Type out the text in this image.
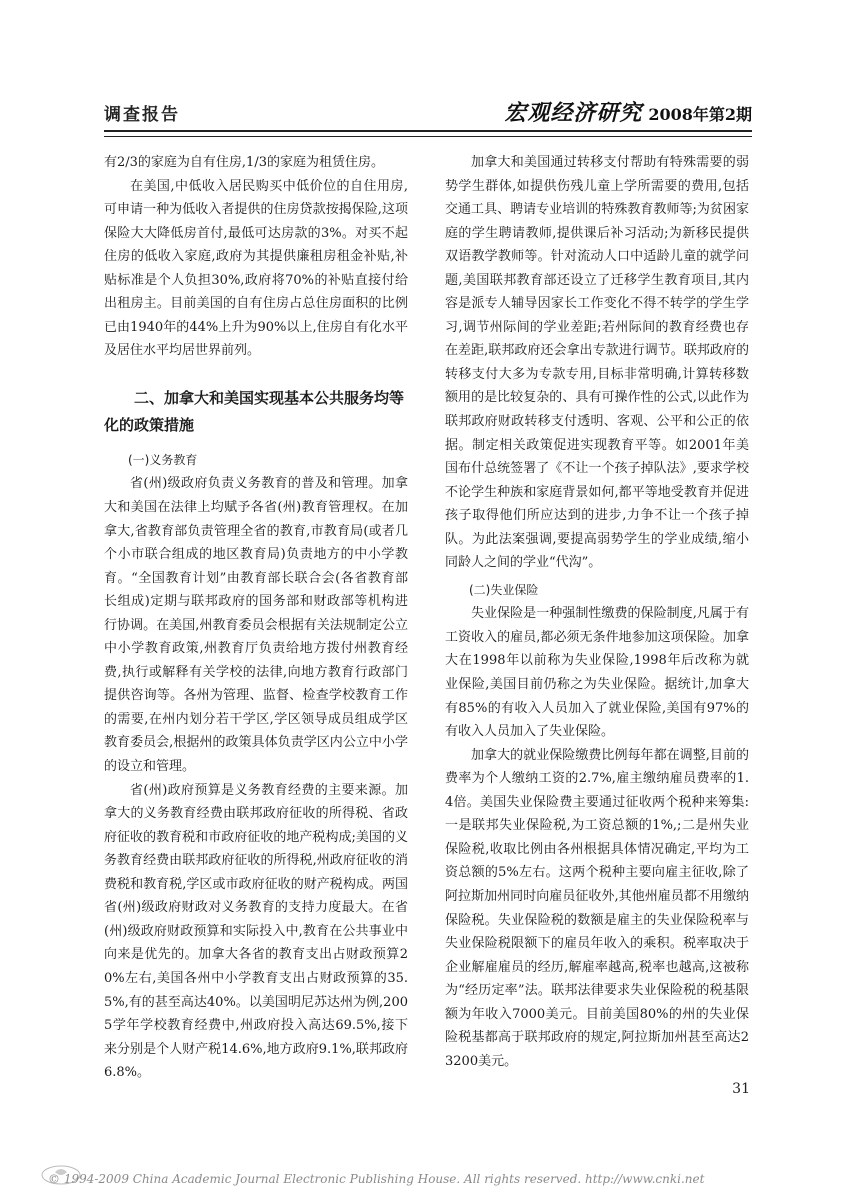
调查报告	宏观经济研究 2008年第2期

有2/3的家庭为自有住房,1/3的家庭为租赁住房。

在美国,中低收入居民购买中低价位的自住用房,可申请一种为低收入者提供的住房贷款按揭保险,这项保险大大降低房首付,最低可达房款的3%。对买不起住房的低收入家庭,政府为其提供廉租房租金补贴,补贴标准是个人负担30%,政府将70%的补贴直接付给出租房主。目前美国的自有住房占总住房面积的比例已由1940年的44%上升为90%以上,住房自有化水平及居住水平均居世界前列。

二、加拿大和美国实现基本公共服务均等化的政策措施

(一)义务教育

省(州)级政府负责义务教育的普及和管理。加拿大和美国在法律上均赋予各省(州)教育管理权。在加拿大,省教育部负责管理全省的教育,市教育局(或者几个小市联合组成的地区教育局)负责地方的中小学教育。“全国教育计划”由教育部长联合会(各省教育部长组成)定期与联邦政府的国务部和财政部等机构进行协调。在美国,州教育委员会根据有关法规制定公立中小学教育政策,州教育厅负责给地方拨付州教育经费,执行或解释有关学校的法律,向地方教育行政部门提供咨询等。各州为管理、监督、检查学校教育工作的需要,在州内划分若干学区,学区领导成员组成学区教育委员会,根据州的政策具体负责学区内公立中小学的设立和管理。

省(州)政府预算是义务教育经费的主要来源。加拿大的义务教育经费由联邦政府征收的所得税、省政府征收的教育税和市政府征收的地产税构成;美国的义务教育经费由联邦政府征收的所得税,州政府征收的消费税和教育税,学区或市政府征收的财产税构成。两国省(州)级政府财政对义务教育的支持力度最大。在省(州)级政府财政预算和实际投入中,教育在公共事业中向来是优先的。加拿大各省的教育支出占财政预算20%左右,美国各州中小学教育支出占财政预算的35.5%,有的甚至高达40%。以美国明尼苏达州为例,2005学年学校教育经费中,州政府投入高达69.5%,接下来分别是个人财产税14.6%,地方政府9.1%,联邦政府6.8%。

加拿大和美国通过转移支付帮助有特殊需要的弱势学生群体,如提供伤残儿童上学所需要的费用,包括交通工具、聘请专业培训的特殊教育教师等;为贫困家庭的学生聘请教师,提供课后补习活动;为新移民提供双语教学教师等。针对流动人口中适龄儿童的就学问题,美国联邦教育部还设立了迁移学生教育项目,其内容是派专人辅导因家长工作变化不得不转学的学生学习,调节州际间的学业差距;若州际间的教育经费也存在差距,联邦政府还会拿出专款进行调节。联邦政府的转移支付大多为专款专用,目标非常明确,计算转移数额用的是比较复杂的、具有可操作性的公式,以此作为联邦政府财政转移支付透明、客观、公平和公正的依据。制定相关政策促进实现教育平等。如2001年美国布什总统签署了《不让一个孩子掉队法》,要求学校不论学生种族和家庭背景如何,都平等地受教育并促进孩子取得他们所应达到的进步,力争不让一个孩子掉队。为此法案强调,要提高弱势学生的学业成绩,缩小同龄人之间的学业“代沟”。

(二)失业保险

失业保险是一种强制性缴费的保险制度,凡属于有工资收入的雇员,都必须无条件地参加这项保险。加拿大在1998年以前称为失业保险,1998年后改称为就业保险,美国目前仍称之为失业保险。据统计,加拿大有85%的有收入人员加入了就业保险,美国有97%的有收入人员加入了失业保险。

加拿大的就业保险缴费比例每年都在调整,目前的费率为个人缴纳工资的2.7%,雇主缴纳雇员费率的1.4倍。美国失业保险费主要通过征收两个税种来筹集:一是联邦失业保险税,为工资总额的1%,;二是州失业保险税,收取比例由各州根据具体情况确定,平均为工资总额的5%左右。这两个税种主要向雇主征收,除了阿拉斯加州同时向雇员征收外,其他州雇员都不用缴纳保险税。失业保险税的数额是雇主的失业保险税率与失业保险税限额下的雇员年收入的乘积。税率取决于企业解雇雇员的经历,解雇率越高,税率也越高,这被称为“经历定率”法。联邦法律要求失业保险税的税基限额为年收入7000美元。目前美国80%的州的失业保险税基都高于联邦政府的规定,阿拉斯加州甚至高达23200美元。

31
© 1994-2009 China Academic Journal Electronic Publishing House. All rights reserved. http://www.cnki.net
